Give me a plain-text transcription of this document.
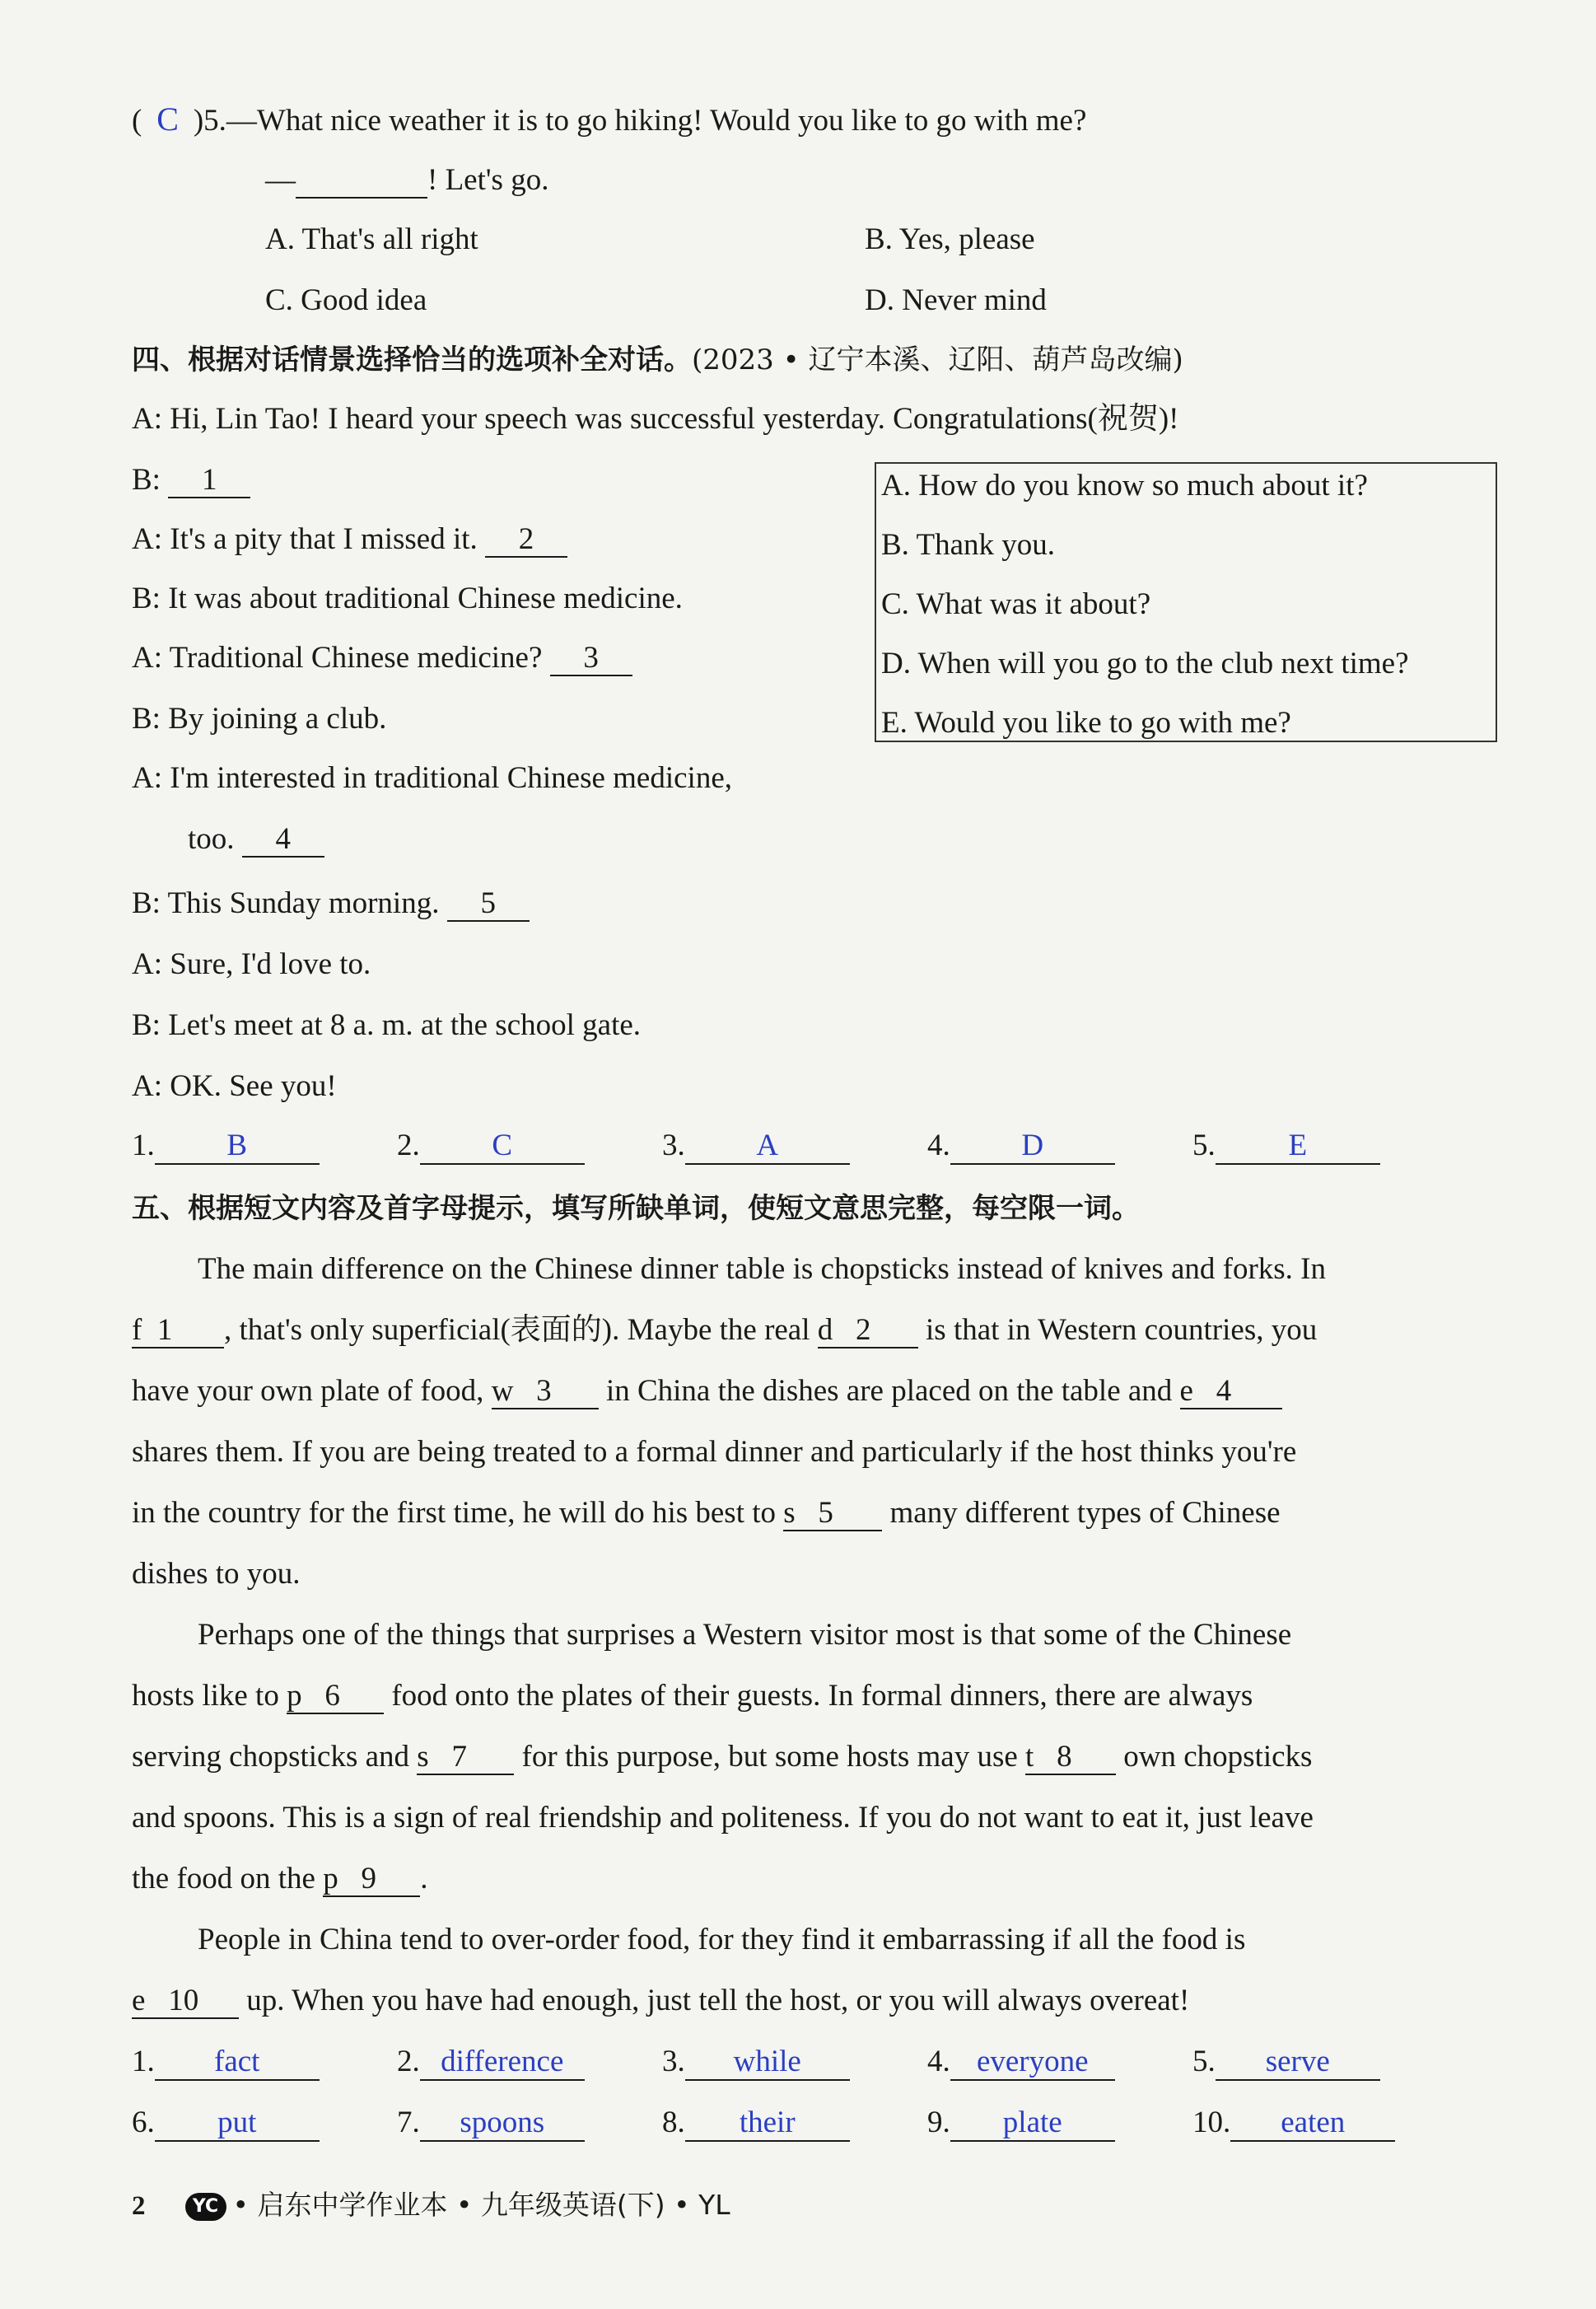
( C )5.—What nice weather it is to go hiking! Would you like to go with me?
—	! Let's go.
A. That's all right	B. Yes, please
C. Good idea	D. Never mind
四、根据对话情景选择恰当的选项补全对话。(2023 • 辽宁本溪、辽阳、葫芦岛改编)
A: Hi, Lin Tao! I heard your speech was successful yesterday. Congratulations(祝贺)!
B: 1
A: It's a pity that I missed it. 2
B: It was about traditional Chinese medicine.
A: Traditional Chinese medicine? 3
B: By joining a club.
A: I'm interested in traditional Chinese medicine,
too. 4
B: This Sunday morning. 5
A: Sure, I'd love to.
B: Let's meet at 8 a. m. at the school gate.
A: OK. See you!
A. How do you know so much about it?
B. Thank you.
C. What was it about?
D. When will you go to the club next time?
E. Would you like to go with me?
1. B	2. C	3. A	4. D	5. E
五、根据短文内容及首字母提示，填写所缺单词，使短文意思完整，每空限一词。
The main difference on the Chinese dinner table is chopsticks instead of knives and forks. In
f 1 , that's only superficial(表面的). Maybe the real d 2 is that in Western countries, you
have your own plate of food, w 3 in China the dishes are placed on the table and e 4
shares them. If you are being treated to a formal dinner and particularly if the host thinks you're
in the country for the first time, he will do his best to s 5 many different types of Chinese
dishes to you.
Perhaps one of the things that surprises a Western visitor most is that some of the Chinese
hosts like to p 6 food onto the plates of their guests. In formal dinners, there are always
serving chopsticks and s 7 for this purpose, but some hosts may use t 8 own chopsticks
and spoons. This is a sign of real friendship and politeness. If you do not want to eat it, just leave
the food on the p 9 .
People in China tend to over-order food, for they find it embarrassing if all the food is
e 10 up. When you have had enough, just tell the host, or you will always overeat!
1. fact	2. difference	3. while	4. everyone	5. serve
6. put	7. spoons	8. their	9. plate	10. eaten
2	YC • 启东中学作业本 • 九年级英语(下) • YL
